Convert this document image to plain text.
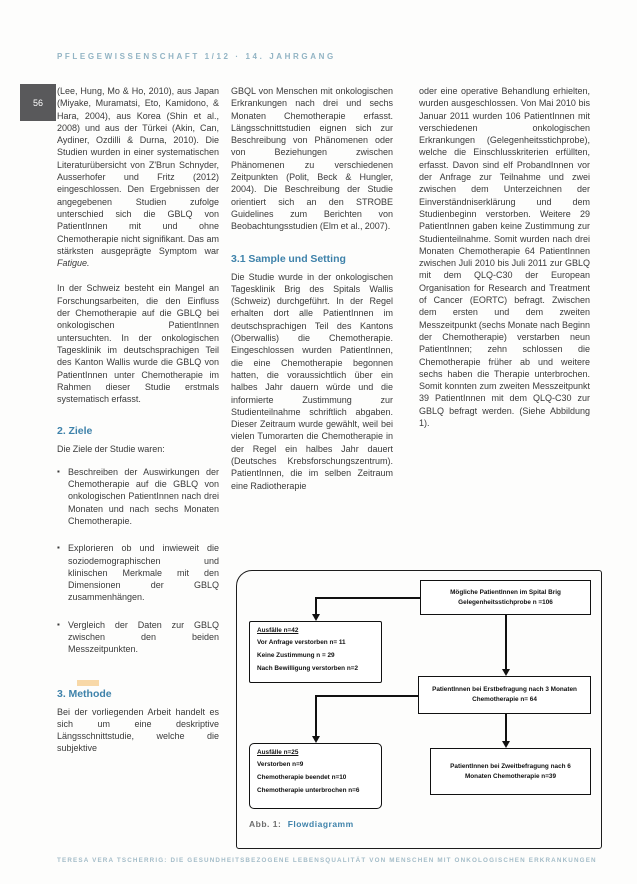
PFLEGEWISSENSCHAFT 1/12 · 14. JAHRGANG
56

(Lee, Hung, Mo & Ho, 2010), aus Japan (Miyake, Muramatsi, Eto, Kamidono, & Hara, 2004), aus Korea (Shin et al., 2008) und aus der Türkei (Akin, Can, Aydiner, Ozdilli & Durna, 2010). Die Studien wurden in einer systematischen Literaturübersicht von Z'Brun Schnyder, Ausserhofer und Fritz (2012) eingeschlossen. Den Ergebnissen der angegebenen Studien zufolge unterschied sich die GBLQ von PatientInnen mit und ohne Chemotherapie nicht signifikant. Das am stärksten ausgeprägte Symptom war Fatigue.

In der Schweiz besteht ein Mangel an Forschungsarbeiten, die den Einfluss der Chemotherapie auf die GBLQ bei onkologischen PatientInnen untersuchten. In der onkologischen Tagesklinik im deutschsprachigen Teil des Kanton Wallis wurde die GBLQ von PatientInnen unter Chemotherapie im Rahmen dieser Studie erstmals systematisch erfasst.

2. Ziele

Die Ziele der Studie waren:

▪ Beschreiben der Auswirkungen der Chemotherapie auf die GBLQ von onkologischen PatientInnen nach drei Monaten und nach sechs Monaten Chemotherapie.
▪ Explorieren ob und inwieweit die soziodemographischen und klinischen Merkmale mit den Dimensionen der GBLQ zusammenhängen.
▪ Vergleich der Daten zur GBLQ zwischen den beiden Messzeitpunkten.
3. Methode

Bei der vorliegenden Arbeit handelt es sich um eine deskriptive Längsschnittstudie, welche die subjektive

GBQL von Menschen mit onkologischen Erkrankungen nach drei und sechs Monaten Chemotherapie erfasst. Längsschnittstudien eignen sich zur Beschreibung von Phänomenen oder von Beziehungen zwischen Phänomenen zu verschiedenen Zeitpunkten (Polit, Beck & Hungler, 2004). Die Beschreibung der Studie orientiert sich an den STROBE Guidelines zum Berichten von Beobachtungsstudien (Elm et al., 2007).

3.1 Sample und Setting

Die Studie wurde in der onkologischen Tagesklinik Brig des Spitals Wallis (Schweiz) durchgeführt. In der Regel erhalten dort alle PatientInnen im deutschsprachigen Teil des Kantons (Oberwallis) die Chemotherapie. Eingeschlossen wurden PatientInnen, die eine Chemotherapie begonnen hatten, die voraussichtlich über ein halbes Jahr dauern würde und die informierte Zustimmung zur Studienteilnahme schriftlich abgaben. Dieser Zeitraum wurde gewählt, weil bei vielen Tumorarten die Chemotherapie in der Regel ein halbes Jahr dauert (Deutsches Krebsforschungszentrum). PatientInnen, die im selben Zeitraum eine Radiotherapie

oder eine operative Behandlung erhielten, wurden ausgeschlossen. Von Mai 2010 bis Januar 2011 wurden 106 PatientInnen mit verschiedenen onkologischen Erkrankungen (Gelegenheitsstichprobe), welche die Einschlusskriterien erfüllten, erfasst. Davon sind elf ProbandInnen vor der Anfrage zur Teilnahme und zwei zwischen dem Unterzeichnen der Einverständniserklärung und dem Studienbeginn verstorben. Weitere 29 PatientInnen gaben keine Zustimmung zur Studienteilnahme. Somit wurden nach drei Monaten Chemotherapie 64 PatientInnen zwischen Juli 2010 bis Juli 2011 zur GBLQ mit dem QLQ-C30 der European Organisation for Research and Treatment of Cancer (EORTC) befragt. Zwischen dem ersten und dem zweiten Messzeitpunkt (sechs Monate nach Beginn der Chemotherapie) verstarben neun PatientInnen; zehn schlossen die Chemotherapie früher ab und weitere sechs haben die Therapie unterbrochen. Somit konnten zum zweiten Messzeitpunkt 39 PatientInnen mit dem QLQ-C30 zur GBLQ befragt werden. (Siehe Abbildung 1).

Mögliche PatientInnen im Spital Brig
Gelegenheitsstichprobe n =106
Ausfälle n=42
Vor Anfrage verstorben n= 11
Keine Zustimmung n = 29
Nach Bewilligung verstorben n=2
PatientInnen bei Erstbefragung nach 3 Monaten
Chemotherapie n= 64
Ausfälle n=25
Verstorben n=9
Chemotherapie beendet n=10
Chemotherapie unterbrochen n=6
PatientInnen bei Zweitbefragung nach 6
Monaten Chemotherapie n=39
Abb. 1: Flowdiagramm
TERESA VERA TSCHERRIG: DIE GESUNDHEITSBEZOGENE LEBENSQUALITÄT VON MENSCHEN MIT ONKOLOGISCHEN ERKRANKUNGEN
